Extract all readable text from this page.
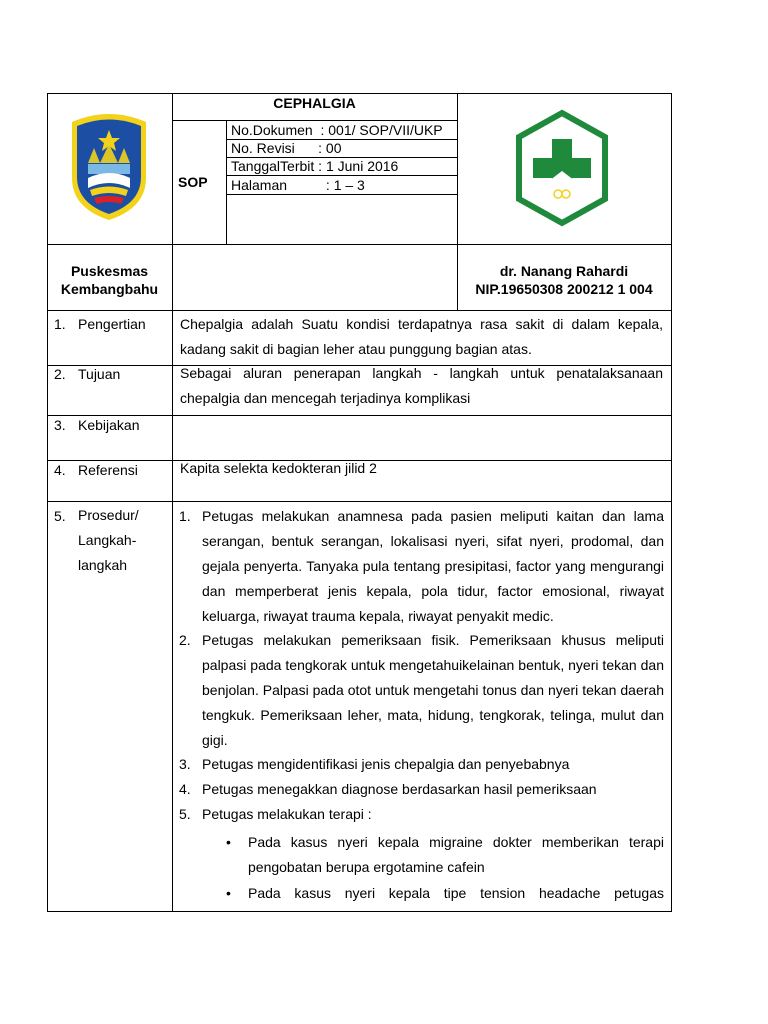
CEPHALGIA
SOP
No.Dokumen  : 001/ SOP/VII/UKP
No. Revisi      : 00
TanggalTerbit : 1 Juni 2016
Halaman          : 1 – 3
Puskesmas
Kembangbahu
dr. Nanang Rahardi
NIP.19650308 200212 1 004
1. Pengertian Chepalgia adalah Suatu kondisi terdapatnya rasa sakit di dalam kepala, kadang sakit di bagian leher atau punggung bagian atas.
2. Tujuan	Sebagai aluran penerapan langkah - langkah untuk penatalaksanaan chepalgia dan mencegah terjadinya komplikasi
3. Kebijakan
4. Referensi	Kapita selekta kedokteran jilid 2
5. Prosedur/
Langkah-
langkah
1. Petugas melakukan anamnesa pada pasien meliputi kaitan dan lama serangan, bentuk serangan, lokalisasi nyeri, sifat nyeri, prodomal, dan gejala penyerta. Tanyaka pula tentang presipitasi, factor yang mengurangi dan memperberat jenis kepala, pola tidur, factor emosional, riwayat keluarga, riwayat trauma kepala, riwayat penyakit medic.
2. Petugas melakukan pemeriksaan fisik. Pemeriksaan khusus meliputi palpasi pada tengkorak untuk mengetahuikelainan bentuk, nyeri tekan dan benjolan. Palpasi pada otot untuk mengetahi tonus dan nyeri tekan daerah tengkuk. Pemeriksaan leher, mata, hidung, tengkorak, telinga, mulut dan gigi.
3. Petugas mengidentifikasi jenis chepalgia dan penyebabnya
4. Petugas menegakkan diagnose berdasarkan hasil pemeriksaan
5. Petugas melakukan terapi :
• Pada kasus nyeri kepala migraine dokter memberikan terapi pengobatan berupa ergotamine cafein
• Pada kasus nyeri kepala tipe tension headache petugas
